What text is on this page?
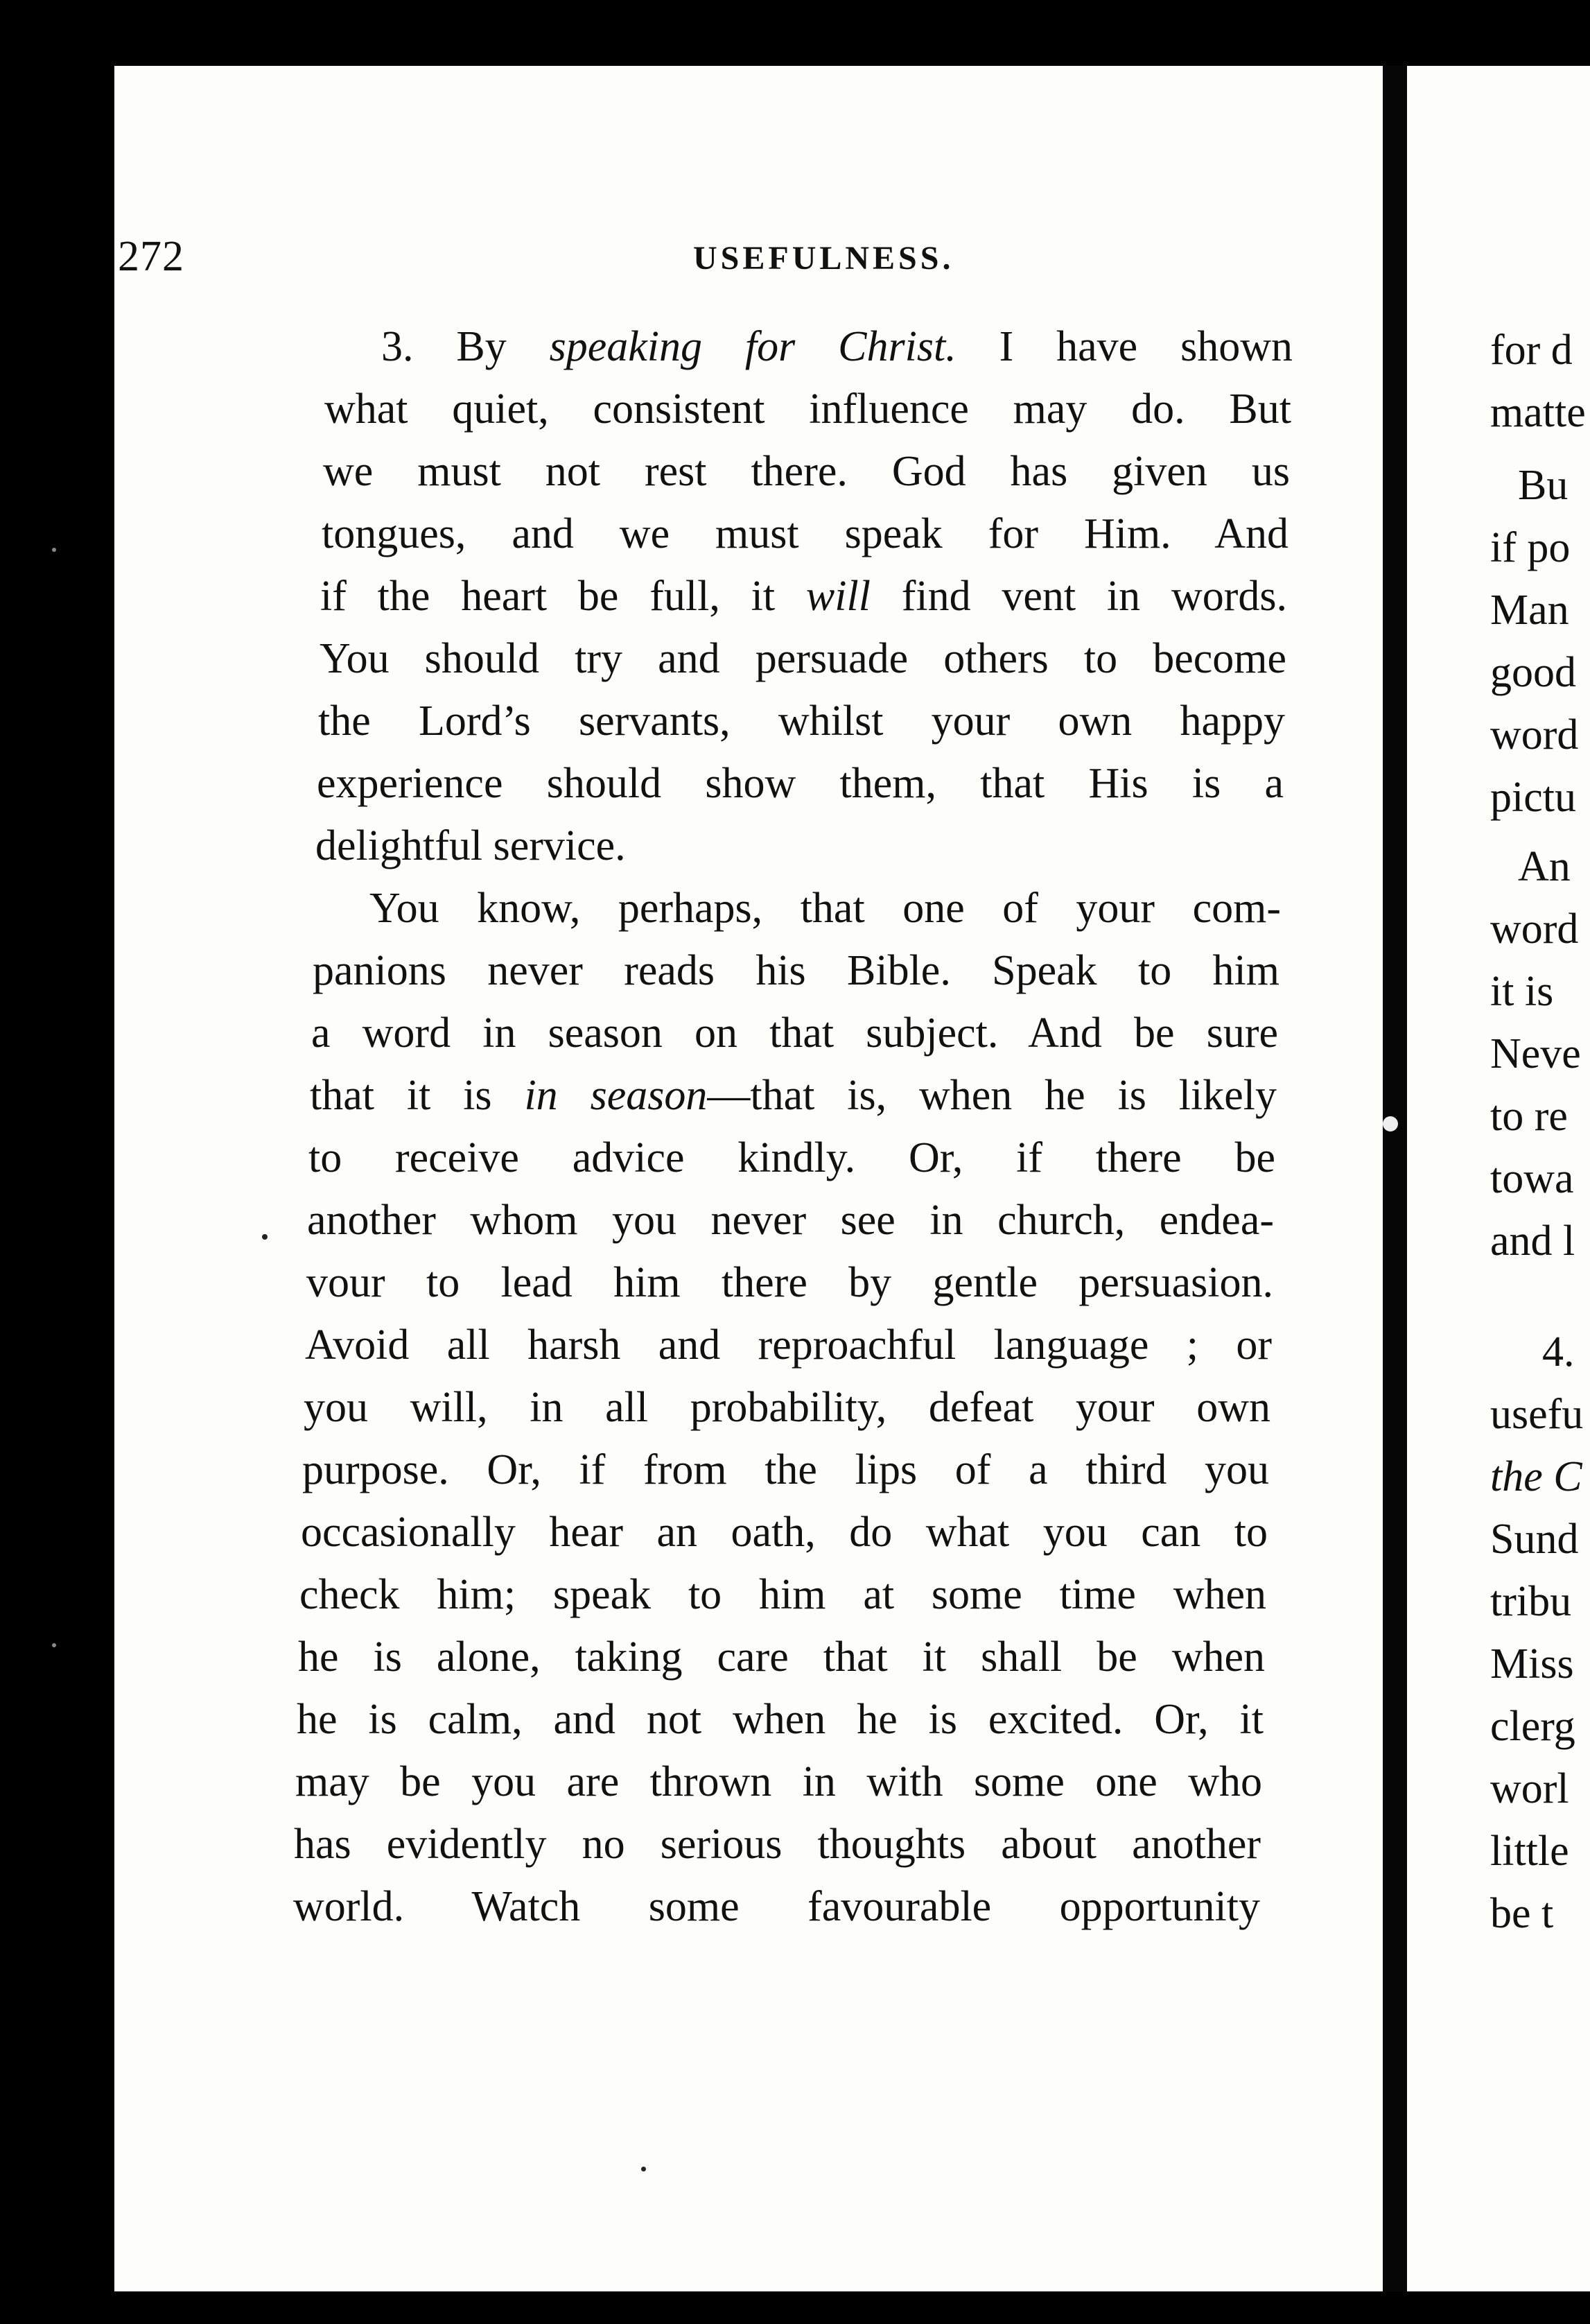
272	USEFULNESS.
3. By speaking for Christ. I have shown
what quiet, consistent influence may do. But
we must not rest there. God has given us
tongues, and we must speak for Him. And
if the heart be full, it will find vent in words.
You should try and persuade others to become
the Lord’s servants, whilst your own happy
experience should show them, that His is a
delightful service.
You know, perhaps, that one of your com-
panions never reads his Bible. Speak to him
a word in season on that subject. And be sure
that it is in season—that is, when he is likely
to receive advice kindly. Or, if there be
another whom you never see in church, endea-
vour to lead him there by gentle persuasion.
Avoid all harsh and reproachful language ; or
you will, in all probability, defeat your own
purpose. Or, if from the lips of a third you
occasionally hear an oath, do what you can to
check him; speak to him at some time when
he is alone, taking care that it shall be when
he is calm, and not when he is excited. Or, it
may be you are thrown in with some one who
has evidently no serious thoughts about another
world. Watch some favourable opportunity
for d
matte
Bu
if po
Man
good
word
pictu
An
word
it is
Neve
to re
towa
and l
4.
usefu
the C
Sund
tribu
Miss
clerg
worl
little
be t
